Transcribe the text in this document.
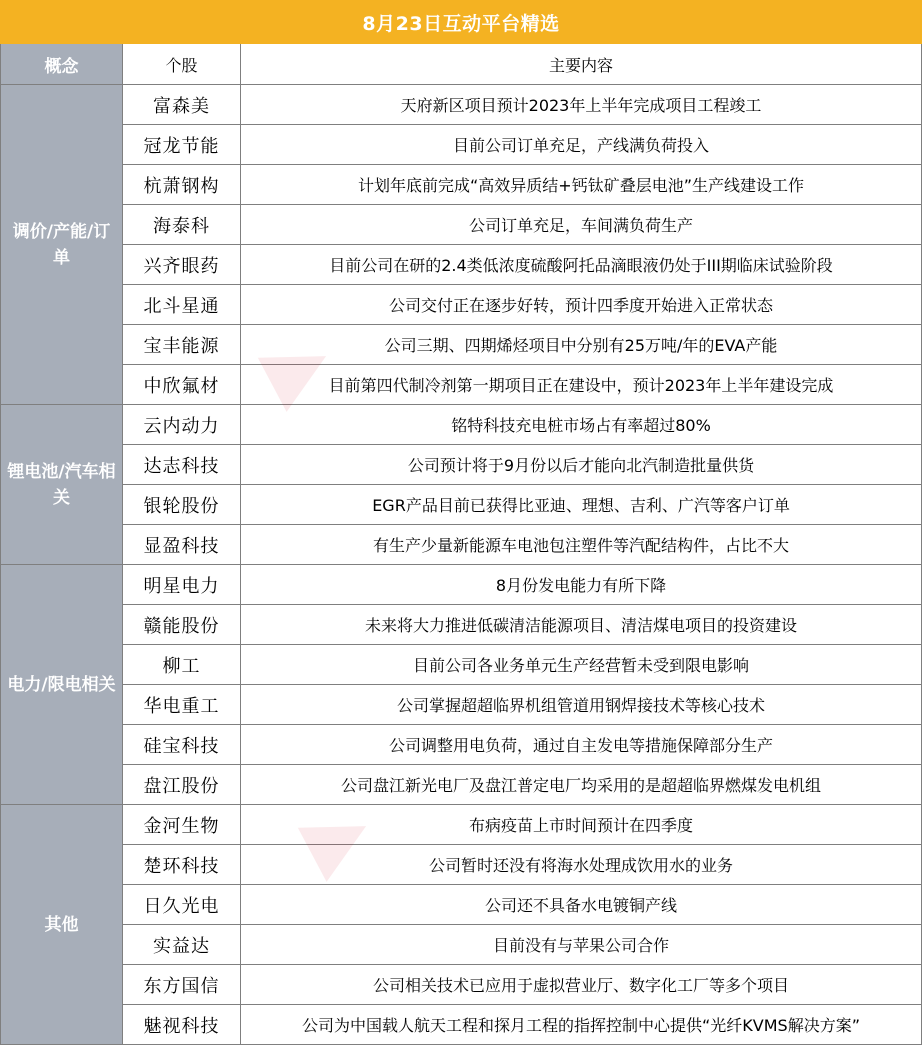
8月23日互动平台精选		
概念	个股	主要内容
调价/产能/订单	富森美	天府新区项目预计2023年上半年完成项目工程竣工
	冠龙节能	目前公司订单充足，产线满负荷投入
	杭萧钢构	计划年底前完成“高效异质结+钙钛矿叠层电池”生产线建设工作
	海泰科	公司订单充足，车间满负荷生产
	兴齐眼药	目前公司在研的2.4类低浓度硫酸阿托品滴眼液仍处于III期临床试验阶段
	北斗星通	公司交付正在逐步好转，预计四季度开始进入正常状态
	宝丰能源	公司三期、四期烯烃项目中分别有25万吨/年的EVA产能
	中欣氟材	目前第四代制冷剂第一期项目正在建设中，预计2023年上半年建设完成
锂电池/汽车相关	云内动力	铭特科技充电桩市场占有率超过80%
	达志科技	公司预计将于9月份以后才能向北汽制造批量供货
	银轮股份	EGR产品目前已获得比亚迪、理想、吉利、广汽等客户订单
	显盈科技	有生产少量新能源车电池包注塑件等汽配结构件，占比不大
电力/限电相关	明星电力	8月份发电能力有所下降
	赣能股份	未来将大力推进低碳清洁能源项目、清洁煤电项目的投资建设
	柳工	目前公司各业务单元生产经营暂未受到限电影响
	华电重工	公司掌握超超临界机组管道用钢焊接技术等核心技术
	硅宝科技	公司调整用电负荷，通过自主发电等措施保障部分生产
	盘江股份	公司盘江新光电厂及盘江普定电厂均采用的是超超临界燃煤发电机组
其他	金河生物	布病疫苗上市时间预计在四季度
	楚环科技	公司暂时还没有将海水处理成饮用水的业务
	日久光电	公司还不具备水电镀铜产线
	实益达	目前没有与苹果公司合作
	东方国信	公司相关技术已应用于虚拟营业厅、数字化工厂等多个项目
	魅视科技	公司为中国载人航天工程和探月工程的指挥控制中心提供“光纤KVMS解决方案”
▶
▶
